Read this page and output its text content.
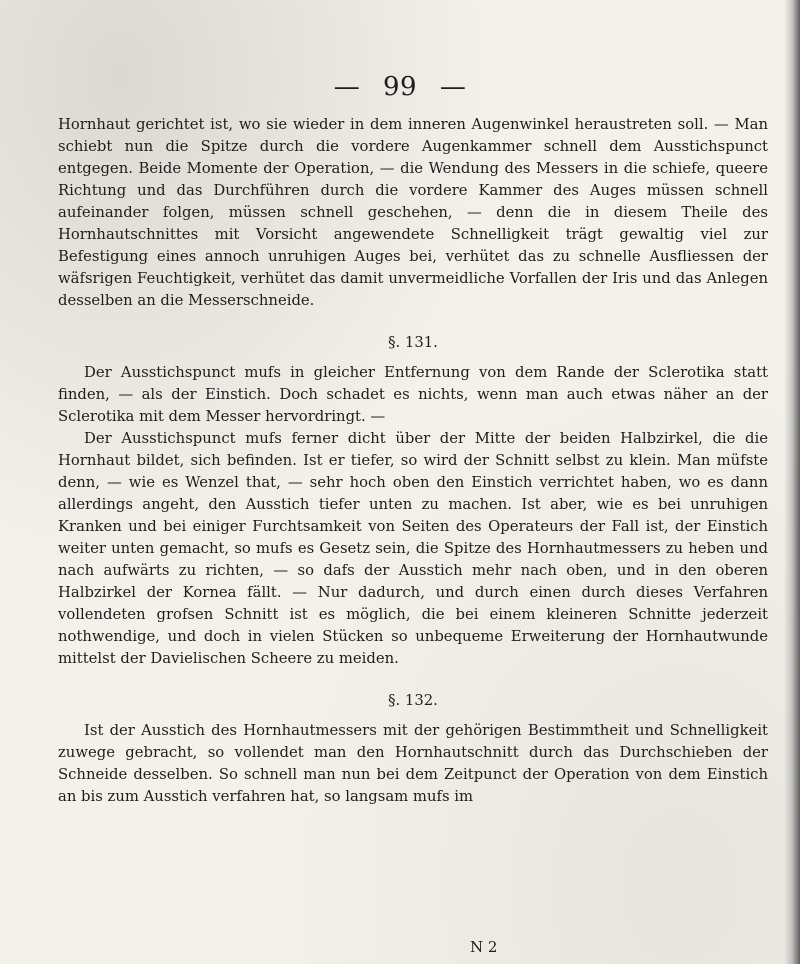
— 99 —

Hornhaut gerichtet ist, wo sie wieder in dem inneren Augenwinkel heraustreten soll. — Man schiebt nun die Spitze durch die vordere Augenkammer schnell dem Ausstichspunct entgegen. Beide Momente der Operation, — die Wendung des Messers in die schiefe, queere Richtung und das Durchführen durch die vordere Kammer des Auges müssen schnell aufeinander folgen, müssen schnell geschehen, — denn die in diesem Theile des Hornhautschnittes mit Vorsicht angewendete Schnelligkeit trägt gewaltig viel zur Befestigung eines annoch unruhigen Auges bei, verhütet das zu schnelle Ausfliessen der wäfsrigen Feuchtigkeit, verhütet das damit unvermeidliche Vorfallen der Iris und das Anlegen desselben an die Messerschneide.

§. 131.

Der Ausstichspunct mufs in gleicher Entfernung von dem Rande der Sclerotika statt finden, — als der Einstich. Doch schadet es nichts, wenn man auch etwas näher an der Sclerotika mit dem Messer hervordringt. —

Der Ausstichspunct mufs ferner dicht über der Mitte der beiden Halbzirkel, die die Hornhaut bildet, sich befinden. Ist er tiefer, so wird der Schnitt selbst zu klein. Man müfste denn, — wie es Wenzel that, — sehr hoch oben den Einstich verrichtet haben, wo es dann allerdings angeht, den Ausstich tiefer unten zu machen. Ist aber, wie es bei unruhigen Kranken und bei einiger Furchtsamkeit von Seiten des Operateurs der Fall ist, der Einstich weiter unten gemacht, so mufs es Gesetz sein, die Spitze des Hornhautmessers zu heben und nach aufwärts zu richten, — so dafs der Ausstich mehr nach oben, und in den oberen Halbzirkel der Kornea fällt. — Nur dadurch, und durch einen durch dieses Verfahren vollendeten grofsen Schnitt ist es möglich, die bei einem kleineren Schnitte jederzeit nothwendige, und doch in vielen Stücken so unbequeme Erweiterung der Hornhautwunde mittelst der Davielischen Scheere zu meiden.

§. 132.

Ist der Ausstich des Hornhautmessers mit der gehörigen Bestimmtheit und Schnelligkeit zuwege gebracht, so vollendet man den Hornhautschnitt durch das Durchschieben der Schneide desselben. So schnell man nun bei dem Zeitpunct der Operation von dem Einstich an bis zum Ausstich verfahren hat, so langsam mufs im

N 2
